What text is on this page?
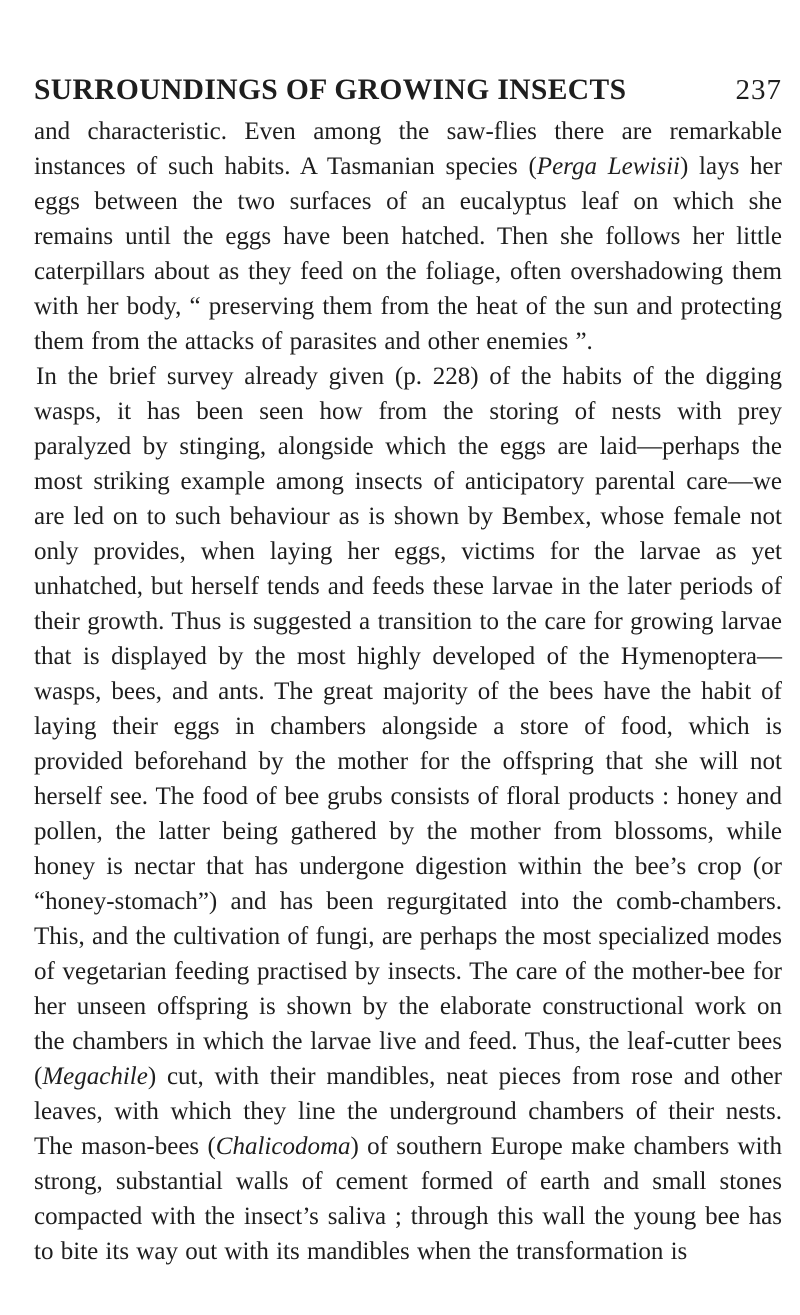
SURROUNDINGS OF GROWING INSECTS	237

and characteristic. Even among the saw-flies there are remarkable instances of such habits. A Tasmanian species (Perga Lewisii) lays her eggs between the two surfaces of an eucalyptus leaf on which she remains until the eggs have been hatched. Then she follows her little caterpillars about as they feed on the foliage, often overshadowing them with her body, “ preserving them from the heat of the sun and protecting them from the attacks of parasites and other enemies ”.

In the brief survey already given (p. 228) of the habits of the digging wasps, it has been seen how from the storing of nests with prey paralyzed by stinging, alongside which the eggs are laid—perhaps the most striking example among insects of anticipatory parental care—we are led on to such behaviour as is shown by Bembex, whose female not only provides, when laying her eggs, victims for the larvae as yet unhatched, but herself tends and feeds these larvae in the later periods of their growth. Thus is suggested a transition to the care for growing larvae that is displayed by the most highly developed of the Hymenoptera—wasps, bees, and ants. The great majority of the bees have the habit of laying their eggs in chambers alongside a store of food, which is provided beforehand by the mother for the offspring that she will not herself see. The food of bee grubs consists of floral products : honey and pollen, the latter being gathered by the mother from blossoms, while honey is nectar that has undergone digestion within the bee’s crop (or “honey-stomach”) and has been regurgitated into the comb-chambers. This, and the cultivation of fungi, are perhaps the most specialized modes of vegetarian feeding practised by insects. The care of the mother-bee for her unseen offspring is shown by the elaborate constructional work on the chambers in which the larvae live and feed. Thus, the leaf-cutter bees (Megachile) cut, with their mandibles, neat pieces from rose and other leaves, with which they line the underground chambers of their nests. The mason-bees (Chalicodoma) of southern Europe make chambers with strong, substantial walls of cement formed of earth and small stones compacted with the insect’s saliva ; through this wall the young bee has to bite its way out with its mandibles when the transformation is
